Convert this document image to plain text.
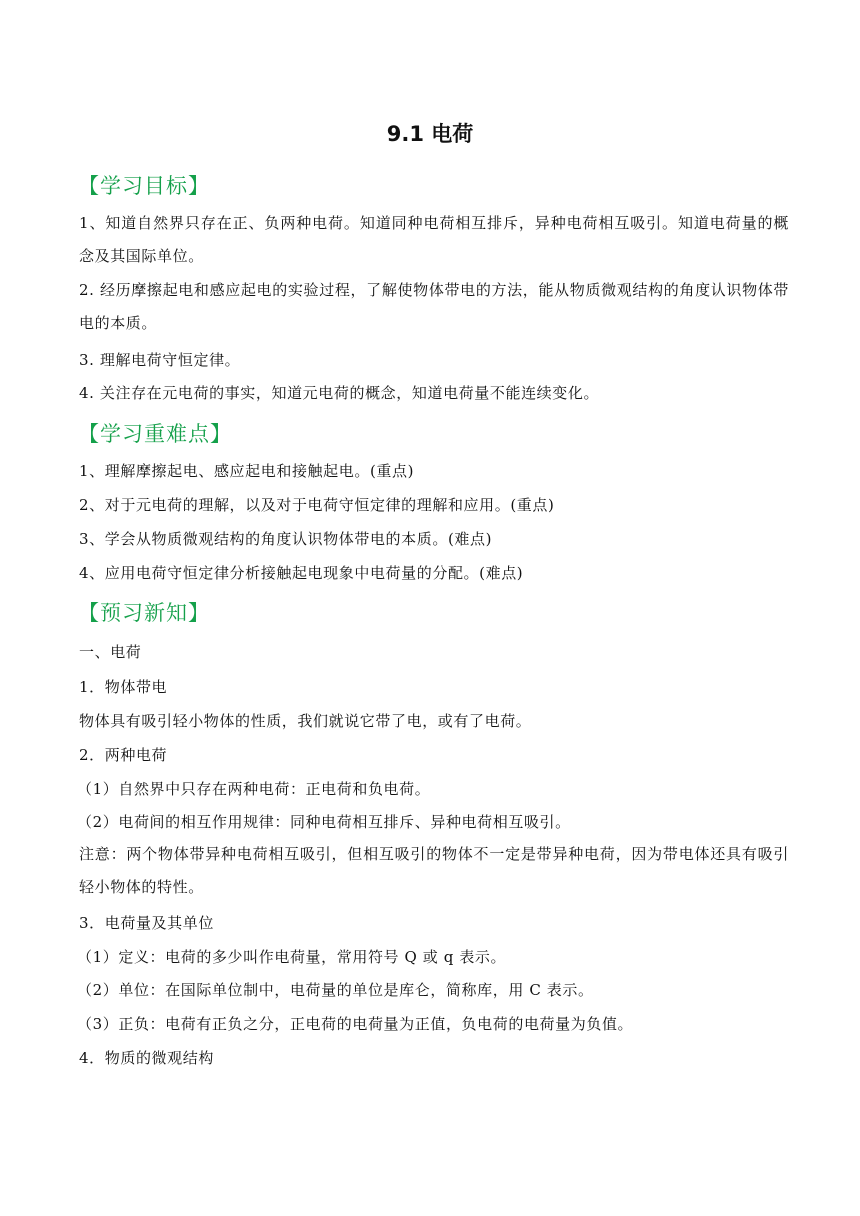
9.1 电荷
【学习目标】
1、知道自然界只存在正、负两种电荷。知道同种电荷相互排斥，异种电荷相互吸引。知道电荷量的概念及其国际单位。
2. 经历摩擦起电和感应起电的实验过程，了解使物体带电的方法，能从物质微观结构的角度认识物体带电的本质。
3. 理解电荷守恒定律。
4. 关注存在元电荷的事实，知道元电荷的概念，知道电荷量不能连续变化。
【学习重难点】
1、理解摩擦起电、感应起电和接触起电。(重点)
2、对于元电荷的理解，以及对于电荷守恒定律的理解和应用。(重点)
3、学会从物质微观结构的角度认识物体带电的本质。(难点)
4、应用电荷守恒定律分析接触起电现象中电荷量的分配。(难点)
【预习新知】
一、电荷
1．物体带电
物体具有吸引轻小物体的性质，我们就说它带了电，或有了电荷。
2．两种电荷
（1）自然界中只存在两种电荷：正电荷和负电荷。
（2）电荷间的相互作用规律：同种电荷相互排斥、异种电荷相互吸引。
注意：两个物体带异种电荷相互吸引，但相互吸引的物体不一定是带异种电荷，因为带电体还具有吸引轻小物体的特性。
3．电荷量及其单位
（1）定义：电荷的多少叫作电荷量，常用符号 Q 或 q 表示。
（2）单位：在国际单位制中，电荷量的单位是库仑，简称库，用 C 表示。
（3）正负：电荷有正负之分，正电荷的电荷量为正值，负电荷的电荷量为负值。
4．物质的微观结构
